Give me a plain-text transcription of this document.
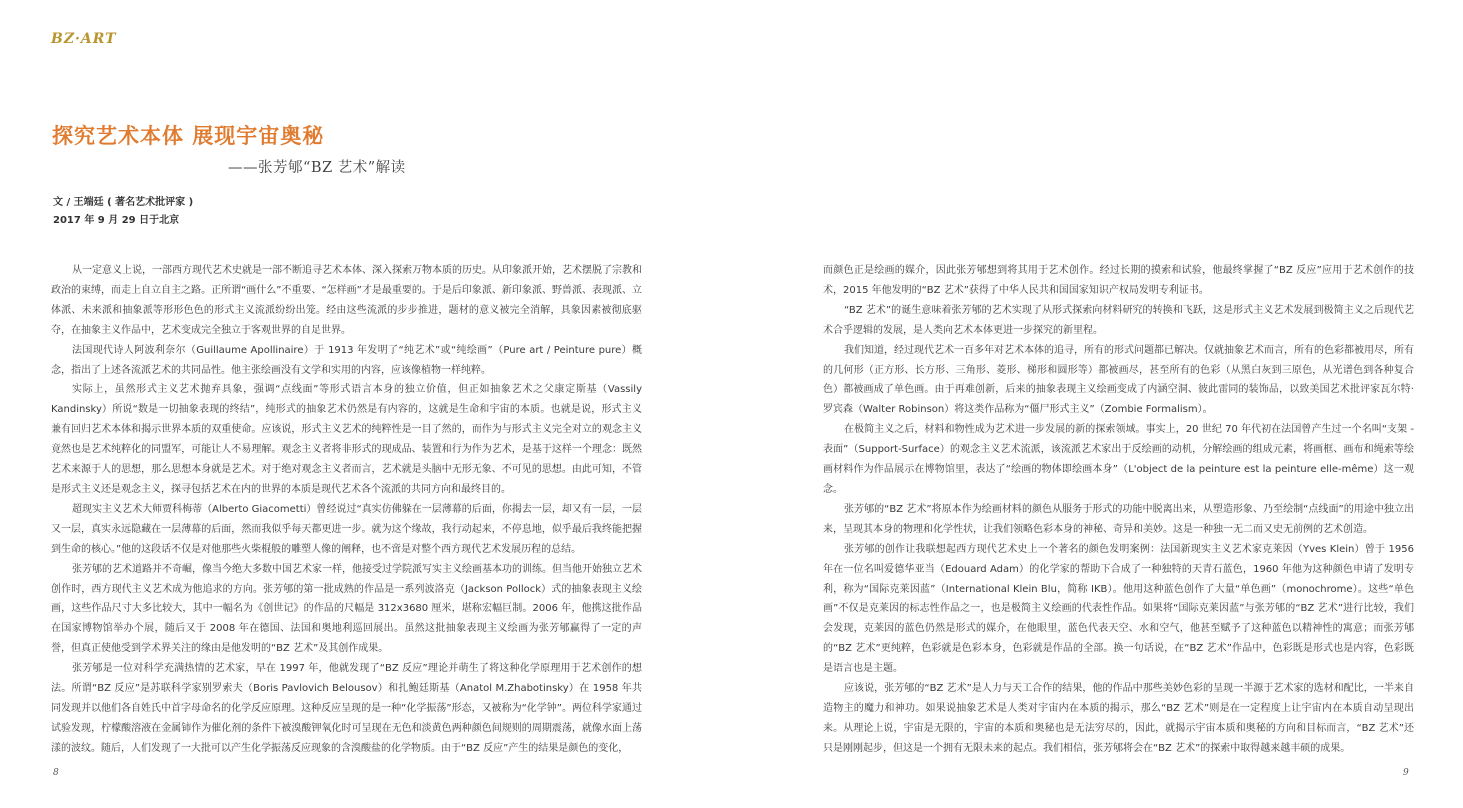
BZ·ART
探究艺术本体 展现宇宙奥秘
——张芳郇“BZ 艺术”解读
文 / 王端廷 ( 著名艺术批评家 )
2017 年 9 月 29 日于北京

从一定意义上说，一部西方现代艺术史就是一部不断追寻艺术本体、深入探索万物本质的历史。从印象派开始，艺术摆脱了宗教和政治的束缚，而走上自立自主之路。正所谓“画什么”不重要、“怎样画”才是最重要的。于是后印象派、新印象派、野兽派、表现派、立体派、未来派和抽象派等形形色色的形式主义流派纷纷出笼。经由这些流派的步步推进，题材的意义被完全消解，具象因素被彻底驱夺，在抽象主义作品中，艺术变成完全独立于客观世界的自足世界。

法国现代诗人阿波利奈尔（Guillaume Apollinaire）于 1913 年发明了“纯艺术”或“纯绘画”（Pure art / Peinture pure）概念，指出了上述各流派艺术的共同品性。他主张绘画没有文学和实用的内容，应该像植物一样纯粹。

实际上，虽然形式主义艺术抛弃具象，强调“点线面”等形式语言本身的独立价值，但正如抽象艺术之父康定斯基（Vassily Kandinsky）所说“数是一切抽象表现的终结”，纯形式的抽象艺术仍然是有内容的，这就是生命和宇宙的本质。也就是说，形式主义兼有回归艺术本体和揭示世界本质的双重使命。应该说，形式主义艺术的纯粹性是一目了然的，而作为与形式主义完全对立的观念主义竟然也是艺术纯粹化的同盟军，可能让人不易理解。观念主义者将非形式的现成品、装置和行为作为艺术，是基于这样一个理念：既然艺术来源于人的思想，那么思想本身就是艺术。对于绝对观念主义者而言，艺术就是头脑中无形无象、不可见的思想。由此可知，不管是形式主义还是观念主义，探寻包括艺术在内的世界的本质是现代艺术各个流派的共同方向和最终目的。

超现实主义艺术大师贾科梅蒂（Alberto Giacometti）曾经说过“真实仿佛躲在一层薄幕的后面，你揭去一层，却又有一层，一层又一层，真实永远隐藏在一层薄幕的后面，然而我似乎每天都更进一步。就为这个缘故，我行动起来，不停息地，似乎最后我终能把握到生命的核心。”他的这段话不仅是对他那些火柴棍般的雕塑人像的阐释，也不啻是对整个西方现代艺术发展历程的总结。

张芳郇的艺术道路并不奇崛，像当今绝大多数中国艺术家一样，他接受过学院派写实主义绘画基本功的训练。但当他开始独立艺术创作时，西方现代主义艺术成为他追求的方向。张芳郇的第一批成熟的作品是一系列波洛克（Jackson Pollock）式的抽象表现主义绘画，这些作品尺寸大多比较大，其中一幅名为《创世记》的作品的尺幅是 312x3680 厘米，堪称宏幅巨制。2006 年，他携这批作品在国家博物馆举办个展，随后又于 2008 年在德国、法国和奥地利巡回展出。虽然这批抽象表现主义绘画为张芳郇赢得了一定的声誉，但真正使他受到学术界关注的缘由是他发明的“BZ 艺术”及其创作成果。

张芳郇是一位对科学充满热情的艺术家，早在 1997 年，他就发现了“BZ 反应”理论并萌生了将这种化学原理用于艺术创作的想法。所谓“BZ 反应”是苏联科学家别罗索夫（Boris Pavlovich Belousov）和扎鲍廷斯基（Anatol M.Zhabotinsky）在 1958 年共同发现并以他们各自姓氏中首字母命名的化学反应原理。这种反应呈现的是一种“化学振荡”形态，又被称为“化学钟”。两位科学家通过试验发现，柠檬酸溶液在金属铈作为催化剂的条件下被溴酸钾氧化时可呈现在无色和淡黄色两种颜色间规则的周期震荡，就像水面上荡漾的波纹。随后，人们发现了一大批可以产生化学振荡反应现象的含溴酸盐的化学物质。由于“BZ 反应”产生的结果是颜色的变化，

而颜色正是绘画的媒介，因此张芳郇想到将其用于艺术创作。经过长期的摸索和试验，他最终掌握了“BZ 反应”应用于艺术创作的技术，2015 年他发明的“BZ 艺术”获得了中华人民共和国国家知识产权局发明专利证书。

“BZ 艺术”的诞生意味着张芳郇的艺术实现了从形式探索向材料研究的转换和飞跃，这是形式主义艺术发展到极简主义之后现代艺术合乎逻辑的发展，是人类向艺术本体更进一步探究的新里程。

我们知道，经过现代艺术一百多年对艺术本体的追寻，所有的形式问题都已解决。仅就抽象艺术而言，所有的色彩都被用尽，所有的几何形（正方形、长方形、三角形、菱形、梯形和圆形等）都被画尽，甚至所有的色彩（从黑白灰到三原色，从光谱色到各种复合色）都被画成了单色画。由于再难创新，后来的抽象表现主义绘画变成了内涵空洞、彼此雷同的装饰品，以致美国艺术批评家瓦尔特·罗宾森（Walter Robinson）将这类作品称为“僵尸形式主义”（Zombie Formalism）。

在极简主义之后，材料和物性成为艺术进一步发展的新的探索领域。事实上，20 世纪 70 年代初在法国曾产生过一个名叫“支架 - 表面”（Support-Surface）的观念主义艺术流派，该流派艺术家出于反绘画的动机，分解绘画的组成元素，将画框、画布和绳索等绘画材料作为作品展示在博物馆里，表达了“绘画的物体即绘画本身”（L'object de la peinture est la peinture elle-même）这一观念。

张芳郇的“BZ 艺术”将原本作为绘画材料的颜色从服务于形式的功能中脱离出来，从塑造形象、乃至绘制“点线面”的用途中独立出来，呈现其本身的物理和化学性状，让我们领略色彩本身的神秘、奇异和美妙。这是一种独一无二而又史无前例的艺术创造。

张芳郇的创作让我联想起西方现代艺术史上一个著名的颜色发明案例：法国新现实主义艺术家克莱因（Yves Klein）曾于 1956 年在一位名叫爱德华亚当（Edouard Adam）的化学家的帮助下合成了一种独特的天青石蓝色，1960 年他为这种颜色申请了发明专利，称为“国际克莱因蓝”（International Klein Blu，简称 IKB）。他用这种蓝色创作了大量“单色画”（monochrome）。这些“单色画”不仅是克莱因的标志性作品之一，也是极简主义绘画的代表性作品。如果将“国际克莱因蓝”与张芳郇的“BZ 艺术”进行比较，我们会发现，克莱因的蓝色仍然是形式的媒介，在他眼里，蓝色代表天空、水和空气，他甚至赋予了这种蓝色以精神性的寓意；而张芳郇的“BZ 艺术”更纯粹，色彩就是色彩本身，色彩就是作品的全部。换一句话说，在“BZ 艺术”作品中，色彩既是形式也是内容，色彩既是语言也是主题。

应该说，张芳郇的“BZ 艺术”是人力与天工合作的结果，他的作品中那些美妙色彩的呈现一半源于艺术家的选材和配比，一半来自造物主的魔力和神功。如果说抽象艺术是人类对宇宙内在本质的揭示，那么“BZ 艺术”则是在一定程度上让宇宙内在本质自动呈现出来。从理论上说，宇宙是无限的，宇宙的本质和奥秘也是无法穷尽的，因此，就揭示宇宙本质和奥秘的方向和目标而言，“BZ 艺术”还只是刚刚起步，但这是一个拥有无限未来的起点。我们相信，张芳郇将会在“BZ 艺术”的探索中取得越来越丰硕的成果。

8	9
